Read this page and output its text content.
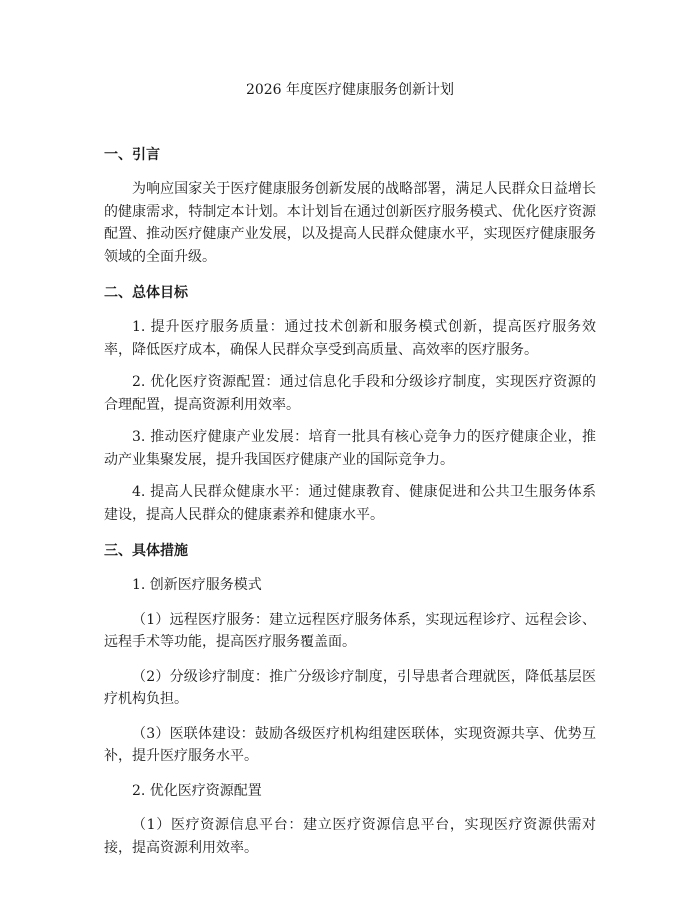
2026 年度医疗健康服务创新计划
一、引言

为响应国家关于医疗健康服务创新发展的战略部署，满足人民群众日益增长的健康需求，特制定本计划。本计划旨在通过创新医疗服务模式、优化医疗资源配置、推动医疗健康产业发展，以及提高人民群众健康水平，实现医疗健康服务领域的全面升级。

二、总体目标

1. 提升医疗服务质量：通过技术创新和服务模式创新，提高医疗服务效率，降低医疗成本，确保人民群众享受到高质量、高效率的医疗服务。

2. 优化医疗资源配置：通过信息化手段和分级诊疗制度，实现医疗资源的合理配置，提高资源利用效率。

3. 推动医疗健康产业发展：培育一批具有核心竞争力的医疗健康企业，推动产业集聚发展，提升我国医疗健康产业的国际竞争力。

4. 提高人民群众健康水平：通过健康教育、健康促进和公共卫生服务体系建设，提高人民群众的健康素养和健康水平。

三、具体措施

1. 创新医疗服务模式

（1）远程医疗服务：建立远程医疗服务体系，实现远程诊疗、远程会诊、远程手术等功能，提高医疗服务覆盖面。

（2）分级诊疗制度：推广分级诊疗制度，引导患者合理就医，降低基层医疗机构负担。

（3）医联体建设：鼓励各级医疗机构组建医联体，实现资源共享、优势互补，提升医疗服务水平。

2. 优化医疗资源配置

（1）医疗资源信息平台：建立医疗资源信息平台，实现医疗资源供需对接，提高资源利用效率。
